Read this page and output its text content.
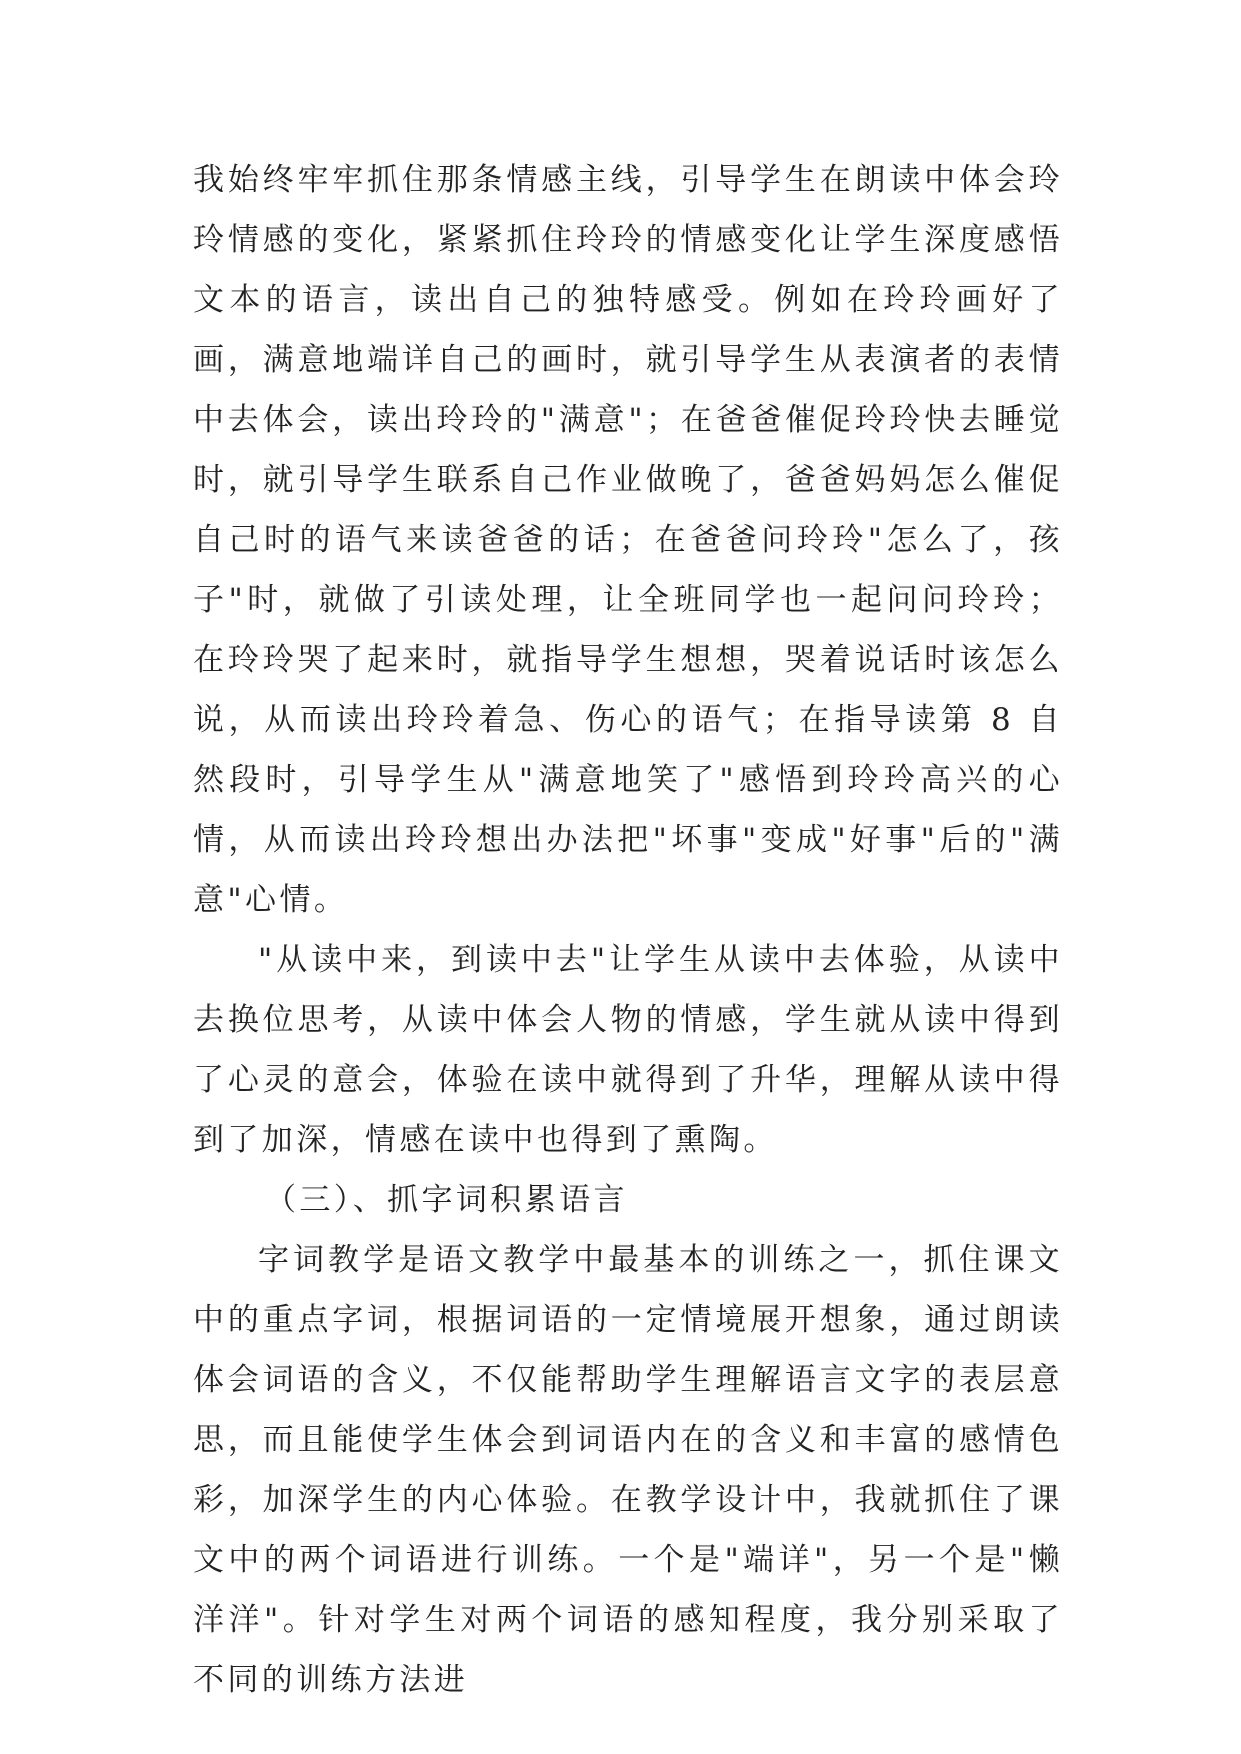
我始终牢牢抓住那条情感主线，引导学生在朗读中体会玲玲情感的变化，紧紧抓住玲玲的情感变化让学生深度感悟文本的语言，读出自己的独特感受。例如在玲玲画好了画，满意地端详自己的画时，就引导学生从表演者的表情中去体会，读出玲玲的"满意"；在爸爸催促玲玲快去睡觉时，就引导学生联系自己作业做晚了，爸爸妈妈怎么催促自己时的语气来读爸爸的话；在爸爸问玲玲"怎么了，孩子"时，就做了引读处理，让全班同学也一起问问玲玲；在玲玲哭了起来时，就指导学生想想，哭着说话时该怎么说，从而读出玲玲着急、伤心的语气；在指导读第 8 自然段时，引导学生从"满意地笑了"感悟到玲玲高兴的心情，从而读出玲玲想出办法把"坏事"变成"好事"后的"满意"心情。

"从读中来，到读中去"让学生从读中去体验，从读中去换位思考，从读中体会人物的情感，学生就从读中得到了心灵的意会，体验在读中就得到了升华，理解从读中得到了加深，情感在读中也得到了熏陶。

（三）、抓字词积累语言

字词教学是语文教学中最基本的训练之一，抓住课文中的重点字词，根据词语的一定情境展开想象，通过朗读体会词语的含义，不仅能帮助学生理解语言文字的表层意思，而且能使学生体会到词语内在的含义和丰富的感情色彩，加深学生的内心体验。在教学设计中，我就抓住了课文中的两个词语进行训练。一个是"端详"，另一个是"懒洋洋"。针对学生对两个词语的感知程度，我分别采取了不同的训练方法进
